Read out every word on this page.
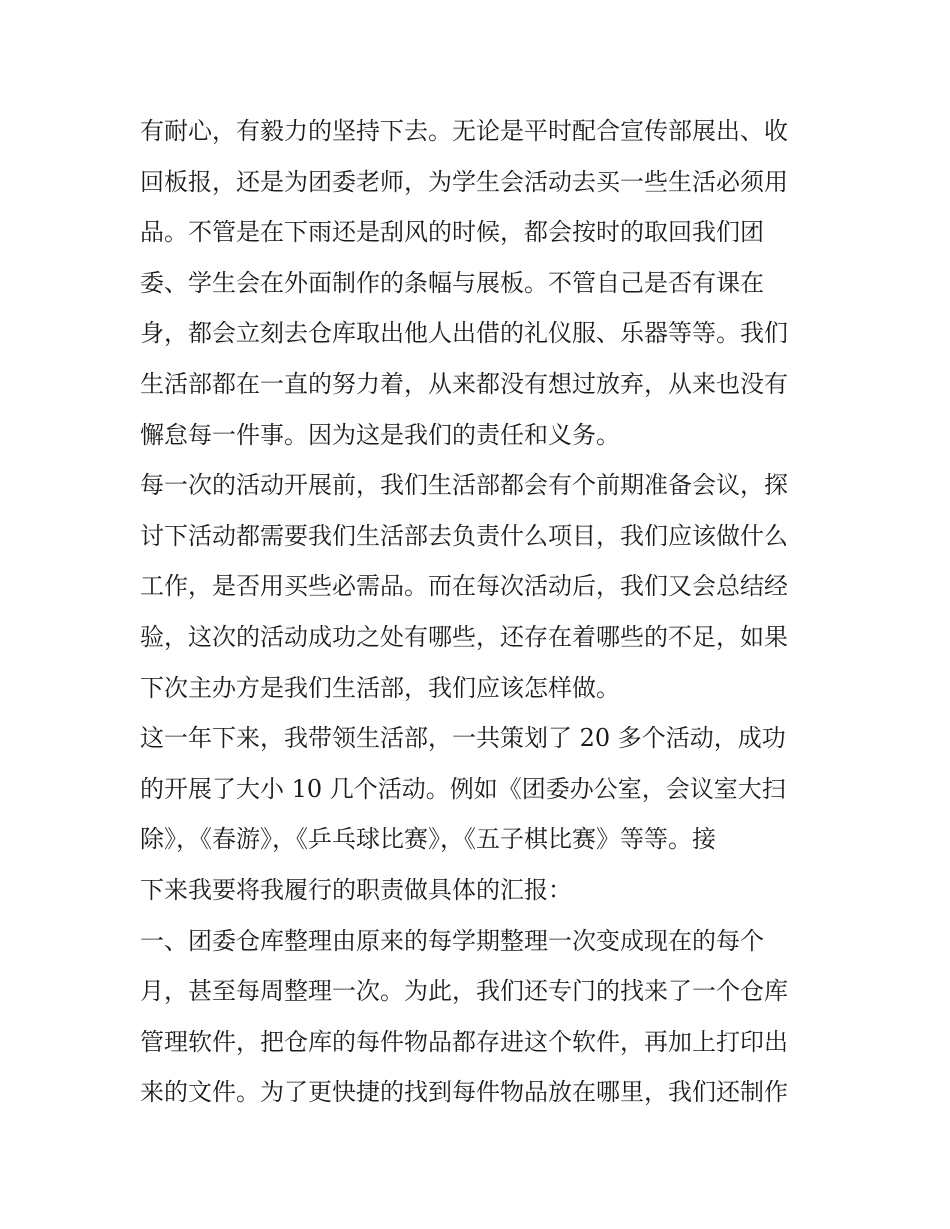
有耐心，有毅力的坚持下去。无论是平时配合宣传部展出、收
回板报，还是为团委老师，为学生会活动去买一些生活必须用
品。不管是在下雨还是刮风的时候，都会按时的取回我们团
委、学生会在外面制作的条幅与展板。不管自己是否有课在
身，都会立刻去仓库取出他人出借的礼仪服、乐器等等。我们
生活部都在一直的努力着，从来都没有想过放弃，从来也没有
懈怠每一件事。因为这是我们的责任和义务。
每一次的活动开展前，我们生活部都会有个前期准备会议，探
讨下活动都需要我们生活部去负责什么项目，我们应该做什么
工作，是否用买些必需品。而在每次活动后，我们又会总结经
验，这次的活动成功之处有哪些，还存在着哪些的不足，如果
下次主办方是我们生活部，我们应该怎样做。
这一年下来，我带领生活部，一共策划了 20 多个活动，成功
的开展了大小 10 几个活动。例如《团委办公室，会议室大扫
除》，《春游》，《乒乓球比赛》，《五子棋比赛》等等。接
下来我要将我履行的职责做具体的汇报：
一、团委仓库整理由原来的每学期整理一次变成现在的每个
月，甚至每周整理一次。为此，我们还专门的找来了一个仓库
管理软件，把仓库的每件物品都存进这个软件，再加上打印出
来的文件。为了更快捷的找到每件物品放在哪里，我们还制作
